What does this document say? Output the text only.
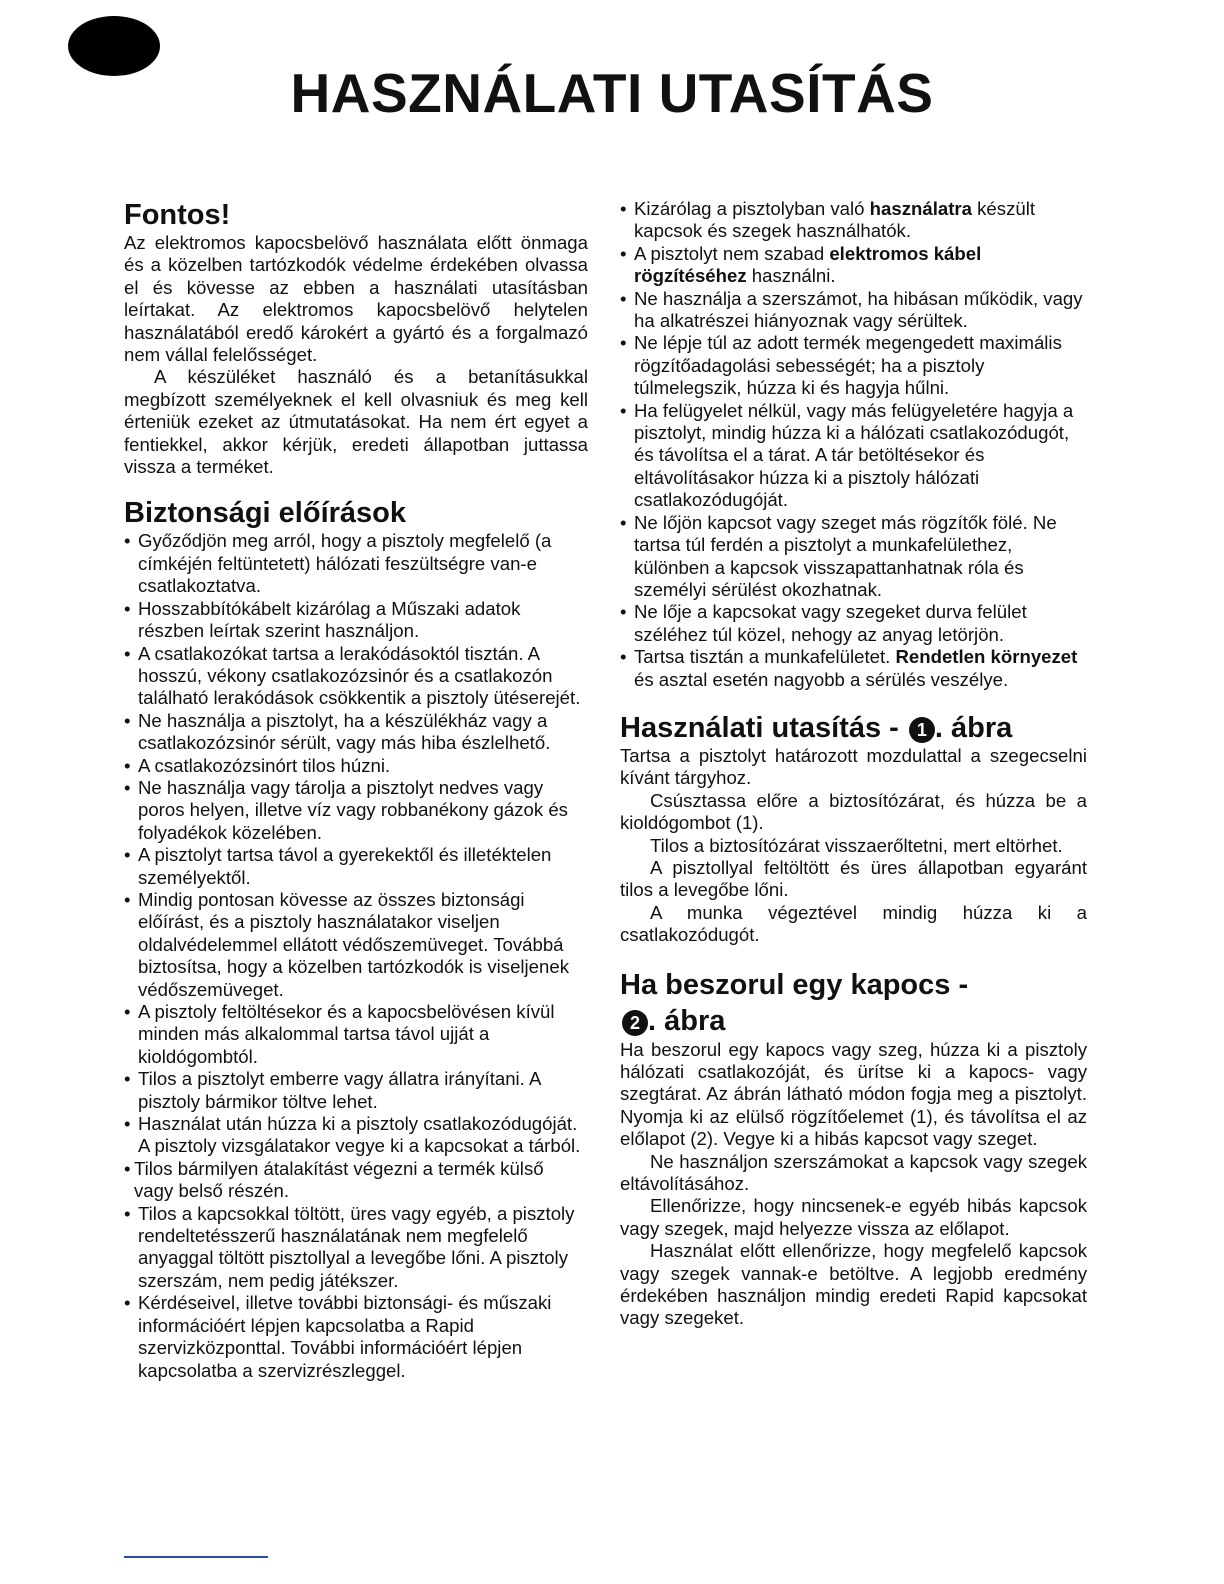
HASZNÁLATI UTASÍTÁS
Fontos!

Az elektromos kapocsbelövő használata előtt önmaga és a közelben tartózkodók védelme érdekében olvassa el és kövesse az ebben a használati utasításban leírtakat. Az elektromos kapocsbelövő helytelen használatából eredő károkért a gyártó és a forgalmazó nem vállal felelősséget.

A készüléket használó és a betanításukkal megbízott személyeknek el kell olvasniuk és meg kell érteniük ezeket az útmutatásokat. Ha nem ért egyet a fentiekkel, akkor kérjük, eredeti állapotban juttassa vissza a terméket.

Biztonsági előírások
• Győződjön meg arról, hogy a pisztoly megfelelő (a címkéjén feltüntetett) hálózati feszültségre van-e csatlakoztatva.
• Hosszabbítókábelt kizárólag a Műszaki adatok részben leírtak szerint használjon.
• A csatlakozókat tartsa a lerakódásoktól tisztán. A hosszú, vékony csatlakozózsinór és a csatlakozón található lerakódások csökkentik a pisztoly ütéserejét.
• Ne használja a pisztolyt, ha a készülékház vagy a csatlakozózsinór sérült, vagy más hiba észlelhető.
• A csatlakozózsinórt tilos húzni.
• Ne használja vagy tárolja a pisztolyt nedves vagy poros helyen, illetve víz vagy robbanékony gázok és folyadékok közelében.
• A pisztolyt tartsa távol a gyerekektől és illetéktelen személyektől.
• Mindig pontosan kövesse az összes biztonsági előírást, és a pisztoly használatakor viseljen oldalvédelemmel ellátott védőszemüveget. Továbbá biztosítsa, hogy a közelben tartózkodók is viseljenek védőszemüveget.
• A pisztoly feltöltésekor és a kapocsbelövésen kívül minden más alkalommal tartsa távol ujját a kioldógombtól.
• Tilos a pisztolyt emberre vagy állatra irányítani. A pisztoly bármikor töltve lehet.
• Használat után húzza ki a pisztoly csatlakozódugóját. A pisztoly vizsgálatakor vegye ki a kapcsokat a tárból.
• Tilos bármilyen átalakítást végezni a termék külső vagy belső részén.
• Tilos a kapcsokkal töltött, üres vagy egyéb, a pisztoly rendeltetésszerű használatának nem megfelelő anyaggal töltött pisztollyal a levegőbe lőni. A pisztoly szerszám, nem pedig játékszer.
• Kérdéseivel, illetve további biztonsági- és műszaki információért lépjen kapcsolatba a Rapid szervizközponttal. További információért lépjen kapcsolatba a szervizrészleggel.
• Kizárólag a pisztolyban való használatra készült kapcsok és szegek használhatók.
• A pisztolyt nem szabad elektromos kábel rögzítéséhez használni.
• Ne használja a szerszámot, ha hibásan működik, vagy ha alkatrészei hiányoznak vagy sérültek.
• Ne lépje túl az adott termék megengedett maximális rögzítőadagolási sebességét; ha a pisztoly túlmelegszik, húzza ki és hagyja hűlni.
• Ha felügyelet nélkül, vagy más felügyeletére hagyja a pisztolyt, mindig húzza ki a hálózati csatlakozódugót, és távolítsa el a tárat. A tár betöltésekor és eltávolításakor húzza ki a pisztoly hálózati csatlakozódugóját.
• Ne lőjön kapcsot vagy szeget más rögzítők fölé. Ne tartsa túl ferdén a pisztolyt a munkafelülethez, különben a kapcsok visszapattanhatnak róla és személyi sérülést okozhatnak.
• Ne lője a kapcsokat vagy szegeket durva felület széléhez túl közel, nehogy az anyag letörjön.
• Tartsa tisztán a munkafelületet. Rendetlen környezet és asztal esetén nagyobb a sérülés veszélye.
Használati utasítás - 1 . ábra

Tartsa a pisztolyt határozott mozdulattal a szegecselni kívánt tárgyhoz.

Csúsztassa előre a biztosítózárat, és húzza be a kioldógombot (1).

Tilos a biztosítózárat visszaerőltetni, mert eltörhet.

A pisztollyal feltöltött és üres állapotban egyaránt tilos a levegőbe lőni.

A munka végeztével mindig húzza ki a csatlakozódugót.

Ha beszorul egy kapocs -
2 . ábra

Ha beszorul egy kapocs vagy szeg, húzza ki a pisztoly hálózati csatlakozóját, és ürítse ki a kapocs- vagy szegtárat. Az ábrán látható módon fogja meg a pisztolyt. Nyomja ki az elülső rögzítőelemet (1), és távolítsa el az előlapot (2). Vegye ki a hibás kapcsot vagy szeget.

Ne használjon szerszámokat a kapcsok vagy szegek eltávolításához.

Ellenőrizze, hogy nincsenek-e egyéb hibás kapcsok vagy szegek, majd helyezze vissza az előlapot.

Használat előtt ellenőrizze, hogy megfelelő kapcsok vagy szegek vannak-e betöltve. A legjobb eredmény érdekében használjon mindig eredeti Rapid kapcsokat vagy szegeket.
